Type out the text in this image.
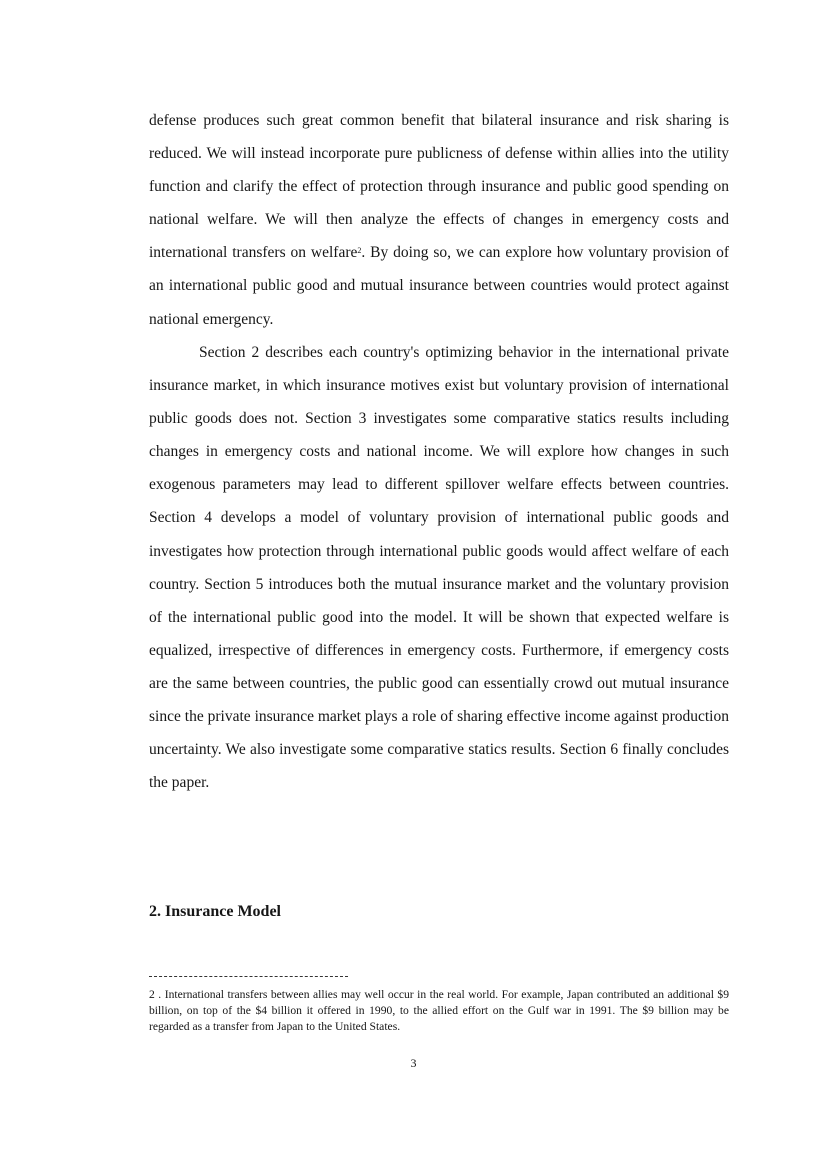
defense produces such great common benefit that bilateral insurance and risk sharing is reduced. We will instead incorporate pure publicness of defense within allies into the utility function and clarify the effect of protection through insurance and public good spending on national welfare. We will then analyze the effects of changes in emergency costs and international transfers on welfare$^2$. By doing so, we can explore how voluntary provision of an international public good and mutual insurance between countries would protect against national emergency.

Section 2 describes each country's optimizing behavior in the international private insurance market, in which insurance motives exist but voluntary provision of international public goods does not. Section 3 investigates some comparative statics results including changes in emergency costs and national income. We will explore how changes in such exogenous parameters may lead to different spillover welfare effects between countries. Section 4 develops a model of voluntary provision of international public goods and investigates how protection through international public goods would affect welfare of each country. Section 5 introduces both the mutual insurance market and the voluntary provision of the international public good into the model. It will be shown that expected welfare is equalized, irrespective of differences in emergency costs. Furthermore, if emergency costs are the same between countries, the public good can essentially crowd out mutual insurance since the private insurance market plays a role of sharing effective income against production uncertainty. We also investigate some comparative statics results. Section 6 finally concludes the paper.

2. Insurance Model

2 . International transfers between allies may well occur in the real world. For example, Japan contributed an additional $9 billion, on top of the $4 billion it offered in 1990, to the allied effort on the Gulf war in 1991. The $9 billion may be regarded as a transfer from Japan to the United States.

3
